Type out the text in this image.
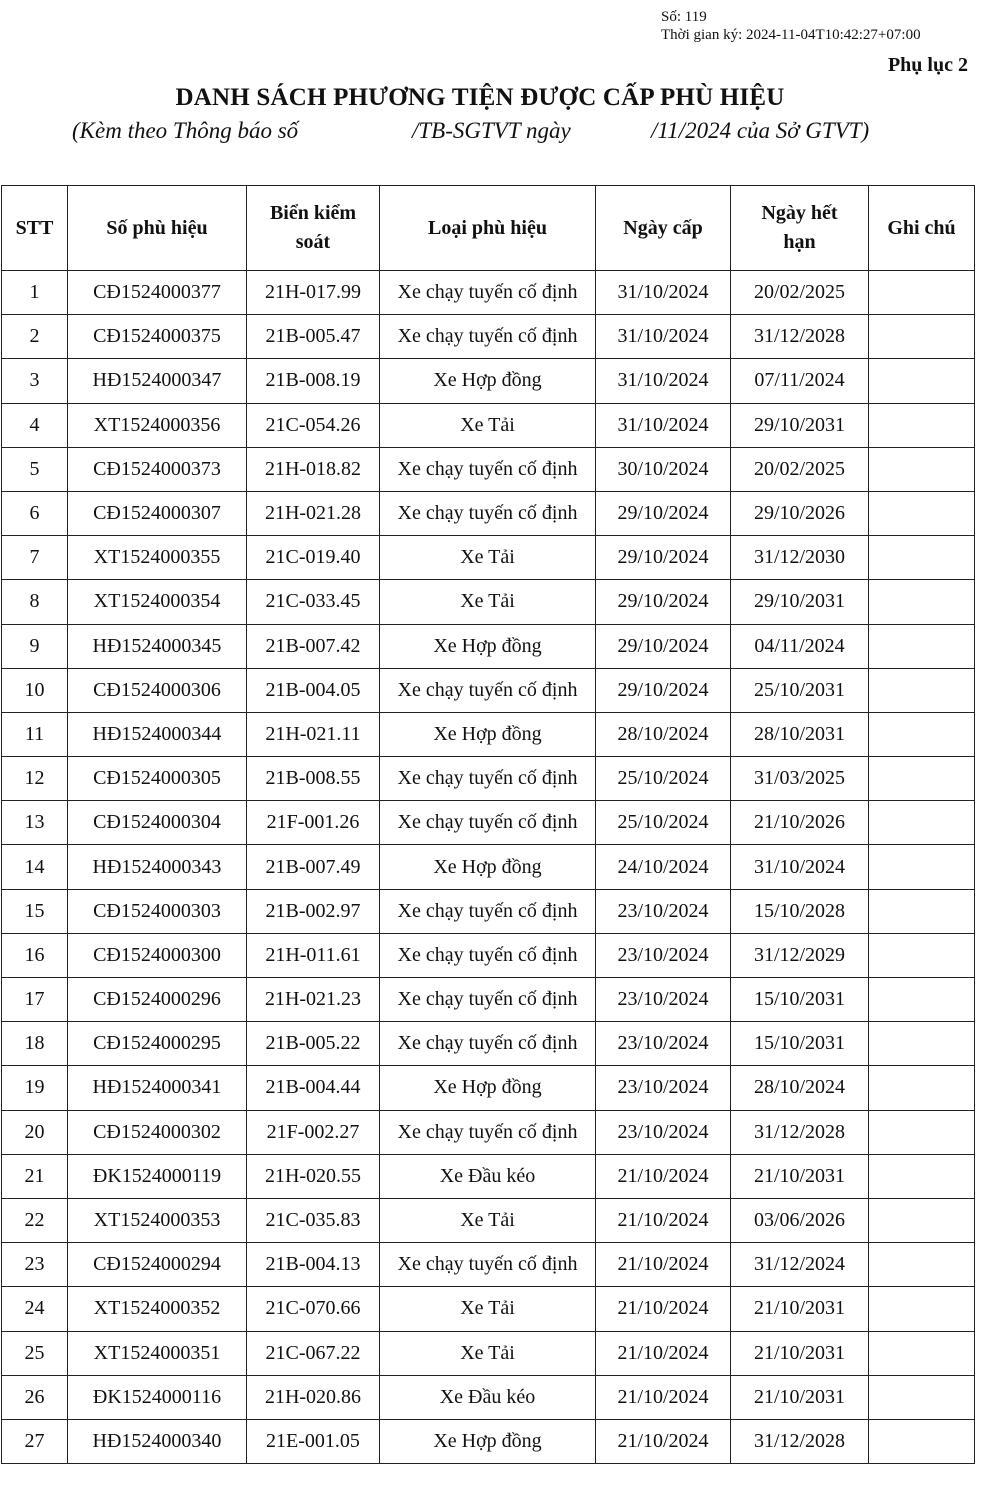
Số: 119
Thời gian ký: 2024-11-04T10:42:27+07:00
Phụ lục 2
DANH SÁCH PHƯƠNG TIỆN ĐƯỢC CẤP PHÙ HIỆU
(Kèm theo Thông báo số	/TB-SGTVT ngày	/11/2024 của Sở GTVT)
STT	Số phù hiệu	Biển kiểm soát	Loại phù hiệu	Ngày cấp	Ngày hết hạn	Ghi chú
1	CĐ1524000377	21H-017.99	Xe chạy tuyến cố định	31/10/2024	20/02/2025	
2	CĐ1524000375	21B-005.47	Xe chạy tuyến cố định	31/10/2024	31/12/2028	
3	HĐ1524000347	21B-008.19	Xe Hợp đồng	31/10/2024	07/11/2024	
4	XT1524000356	21C-054.26	Xe Tải	31/10/2024	29/10/2031	
5	CĐ1524000373	21H-018.82	Xe chạy tuyến cố định	30/10/2024	20/02/2025	
6	CĐ1524000307	21H-021.28	Xe chạy tuyến cố định	29/10/2024	29/10/2026	
7	XT1524000355	21C-019.40	Xe Tải	29/10/2024	31/12/2030	
8	XT1524000354	21C-033.45	Xe Tải	29/10/2024	29/10/2031	
9	HĐ1524000345	21B-007.42	Xe Hợp đồng	29/10/2024	04/11/2024	
10	CĐ1524000306	21B-004.05	Xe chạy tuyến cố định	29/10/2024	25/10/2031	
11	HĐ1524000344	21H-021.11	Xe Hợp đồng	28/10/2024	28/10/2031	
12	CĐ1524000305	21B-008.55	Xe chạy tuyến cố định	25/10/2024	31/03/2025	
13	CĐ1524000304	21F-001.26	Xe chạy tuyến cố định	25/10/2024	21/10/2026	
14	HĐ1524000343	21B-007.49	Xe Hợp đồng	24/10/2024	31/10/2024	
15	CĐ1524000303	21B-002.97	Xe chạy tuyến cố định	23/10/2024	15/10/2028	
16	CĐ1524000300	21H-011.61	Xe chạy tuyến cố định	23/10/2024	31/12/2029	
17	CĐ1524000296	21H-021.23	Xe chạy tuyến cố định	23/10/2024	15/10/2031	
18	CĐ1524000295	21B-005.22	Xe chạy tuyến cố định	23/10/2024	15/10/2031	
19	HĐ1524000341	21B-004.44	Xe Hợp đồng	23/10/2024	28/10/2024	
20	CĐ1524000302	21F-002.27	Xe chạy tuyến cố định	23/10/2024	31/12/2028	
21	ĐK1524000119	21H-020.55	Xe Đầu kéo	21/10/2024	21/10/2031	
22	XT1524000353	21C-035.83	Xe Tải	21/10/2024	03/06/2026	
23	CĐ1524000294	21B-004.13	Xe chạy tuyến cố định	21/10/2024	31/12/2024	
24	XT1524000352	21C-070.66	Xe Tải	21/10/2024	21/10/2031	
25	XT1524000351	21C-067.22	Xe Tải	21/10/2024	21/10/2031	
26	ĐK1524000116	21H-020.86	Xe Đầu kéo	21/10/2024	21/10/2031	
27	HĐ1524000340	21E-001.05	Xe Hợp đồng	21/10/2024	31/12/2028	
